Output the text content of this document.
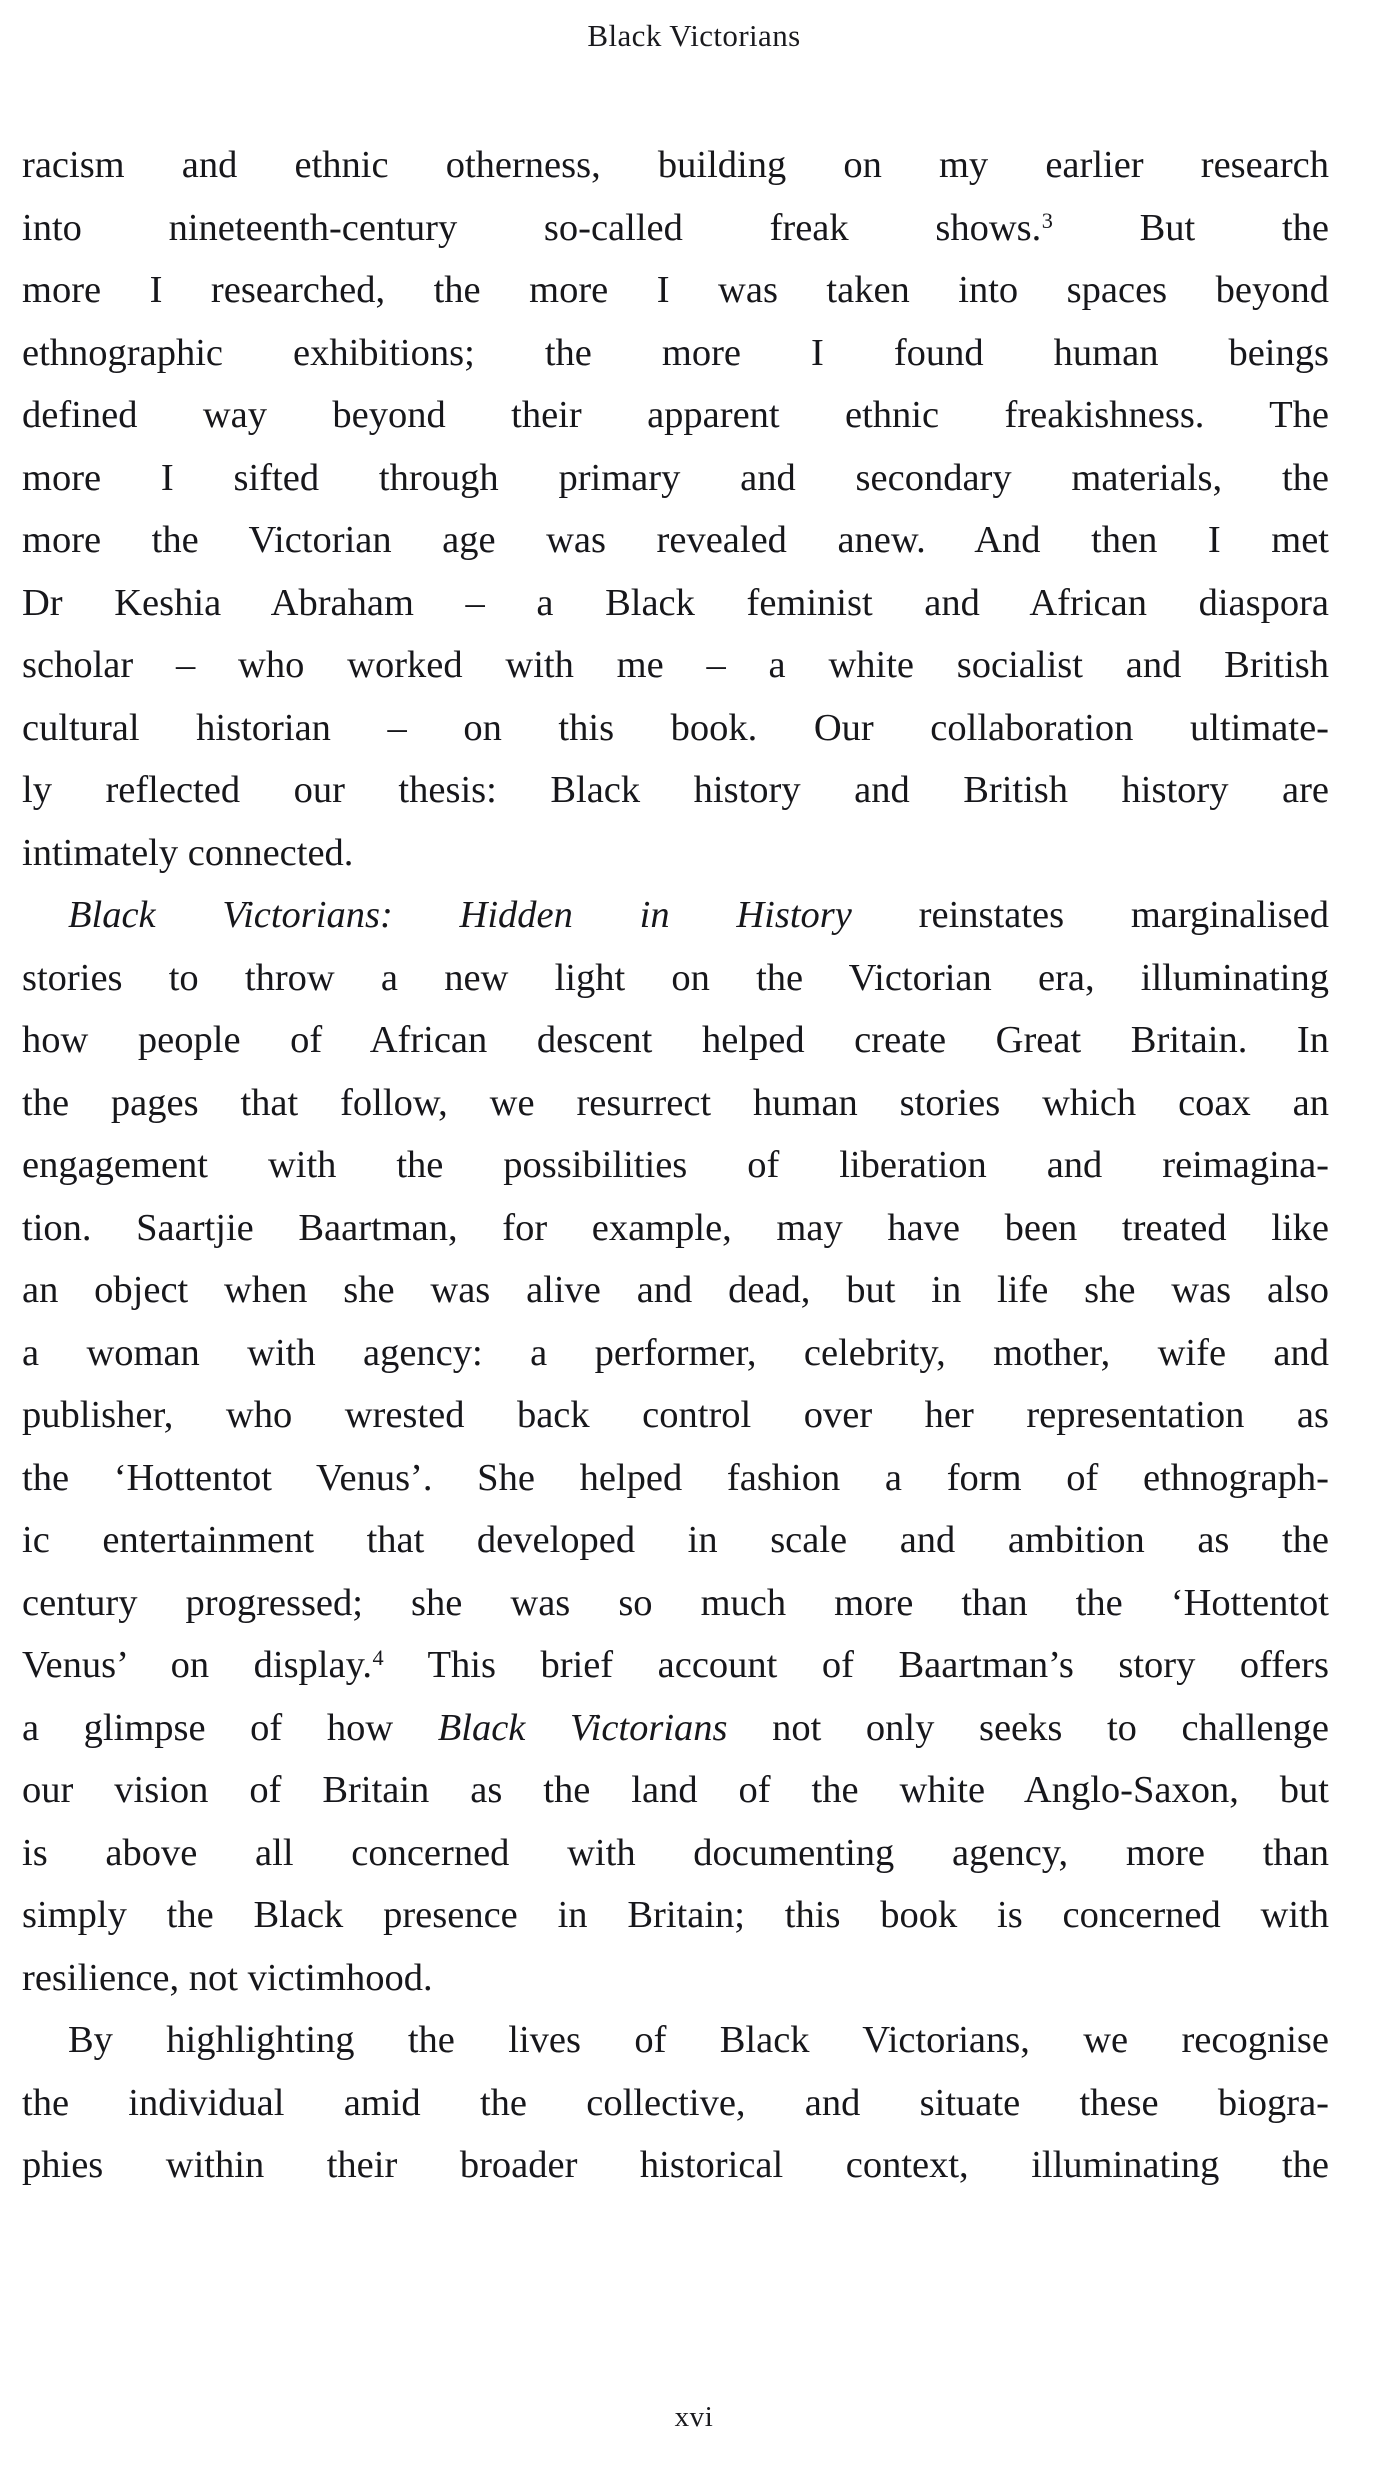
Black Victorians

racism and ethnic otherness, building on my earlier research
into nineteenth-century so-called freak shows.$^3$ But the
more I researched, the more I was taken into spaces beyond
ethnographic exhibitions; the more I found human beings
defined way beyond their apparent ethnic freakishness. The
more I sifted through primary and secondary materials, the
more the Victorian age was revealed anew. And then I met
Dr Keshia Abraham – a Black feminist and African diaspora
scholar – who worked with me – a white socialist and British
cultural historian – on this book. Our collaboration ultimate-
ly reflected our thesis: Black history and British history are
intimately connected.

Black Victorians: Hidden in History reinstates marginalised
stories to throw a new light on the Victorian era, illuminating
how people of African descent helped create Great Britain. In
the pages that follow, we resurrect human stories which coax an
engagement with the possibilities of liberation and reimagina-
tion. Saartjie Baartman, for example, may have been treated like
an object when she was alive and dead, but in life she was also
a woman with agency: a performer, celebrity, mother, wife and
publisher, who wrested back control over her representation as
the ‘Hottentot Venus’. She helped fashion a form of ethnograph-
ic entertainment that developed in scale and ambition as the
century progressed; she was so much more than the ‘Hottentot
Venus’ on display.$^4$ This brief account of Baartman’s story offers
a glimpse of how Black Victorians not only seeks to challenge
our vision of Britain as the land of the white Anglo-Saxon, but
is above all concerned with documenting agency, more than
simply the Black presence in Britain; this book is concerned with
resilience, not victimhood.

By highlighting the lives of Black Victorians, we recognise
the individual amid the collective, and situate these biogra-
phies within their broader historical context, illuminating the

xvi
